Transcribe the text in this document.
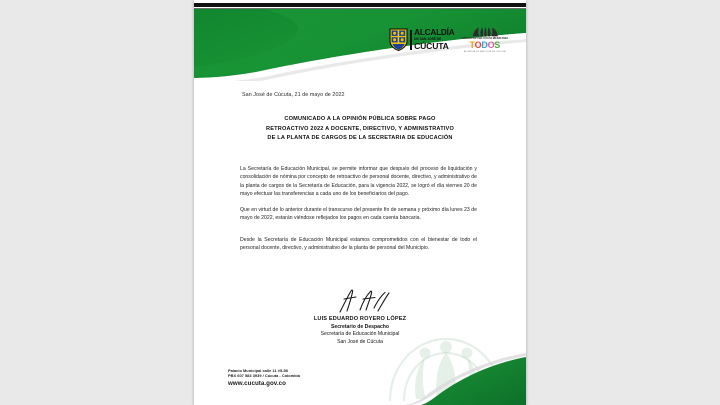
ALCALDÍA
DE SAN JOSÉ DE
CÚCUTA
JUNTOS POR UNA CÚCUTA MEJOR PARA
T O D O S
ALCALDÍA DE SAN JOSÉ DE CÚCUTA
San José de Cúcuta, 21 de mayo de 2022
COMUNICADO A LA OPINIÓN PÚBLICA SOBRE PAGO
RETROACTIVO 2022 A DOCENTE, DIRECTIVO, Y ADMINISTRATIVO
DE LA PLANTA DE CARGOS DE LA SECRETARIA DE EDUCACIÓN
La Secretaría de Educación Municipal, se permite informar que después del proceso de liquidación y consolidación de nómina por concepto de retroactivo de personal docente, directivo, y administrativo de la planta de cargos de la Secretaría de Educación, para la vigencia 2022, se logró el día viernes 20 de mayo efectuar las transferencias a cada uno de los beneficiarios del pago.
Que en virtud de lo anterior durante el transcurso del presente fin de semana y próximo día lunes 23 de mayo de 2022, estarán viéndose reflejados los pagos en cada cuenta bancaria.
Desde la Secretaría de Educación Municipal estamos comprometidos con el bienestar de todo el personal docente, directivo, y administrativo de la planta de personal del Municipio.
LUIS EDUARDO ROYERO LÓPEZ
Secretario de Despacho
Secretaría de Educación Municipal
San José de Cúcuta
Palacio Municipal calle 11 #5-58
PBX 607 583 3939 / Cúcuta - Colombia
www.cucuta.gov.co
